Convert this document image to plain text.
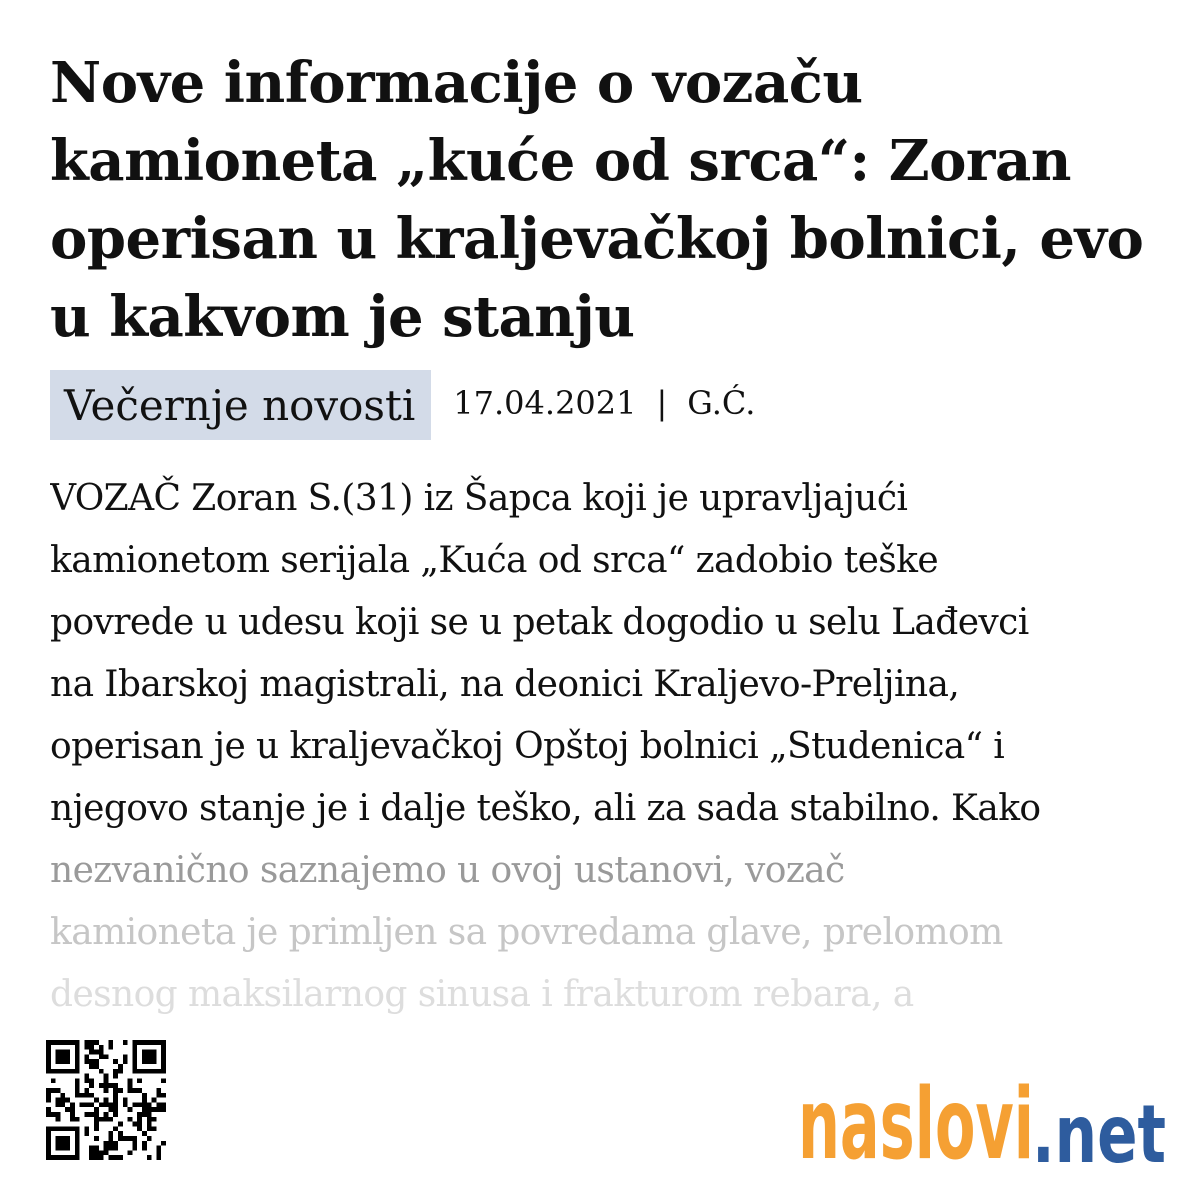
Nove informacije o vozaču kamioneta „kuće od srca“: Zoran operisan u kraljevačkoj bolnici, evo u kakvom je stanju
Večernje novosti	17.04.2021 | G.Ć.
VOZAČ Zoran S.(31) iz Šapca koji je upravljajući
kamionetom serijala „Kuća od srca“ zadobio teške
povrede u udesu koji se u petak dogodio u selu Lađevci
na Ibarskoj magistrali, na deonici Kraljevo-Preljina,
operisan je u kraljevačkoj Opštoj bolnici „Studenica“ i
njegovo stanje je i dalje teško, ali za sada stabilno. Kako
nezvanično saznajemo u ovoj ustanovi, vozač
kamioneta je primljen sa povredama glave, prelomom
desnog maksilarnog sinusa i frakturom rebara, a
naslovi
.net
